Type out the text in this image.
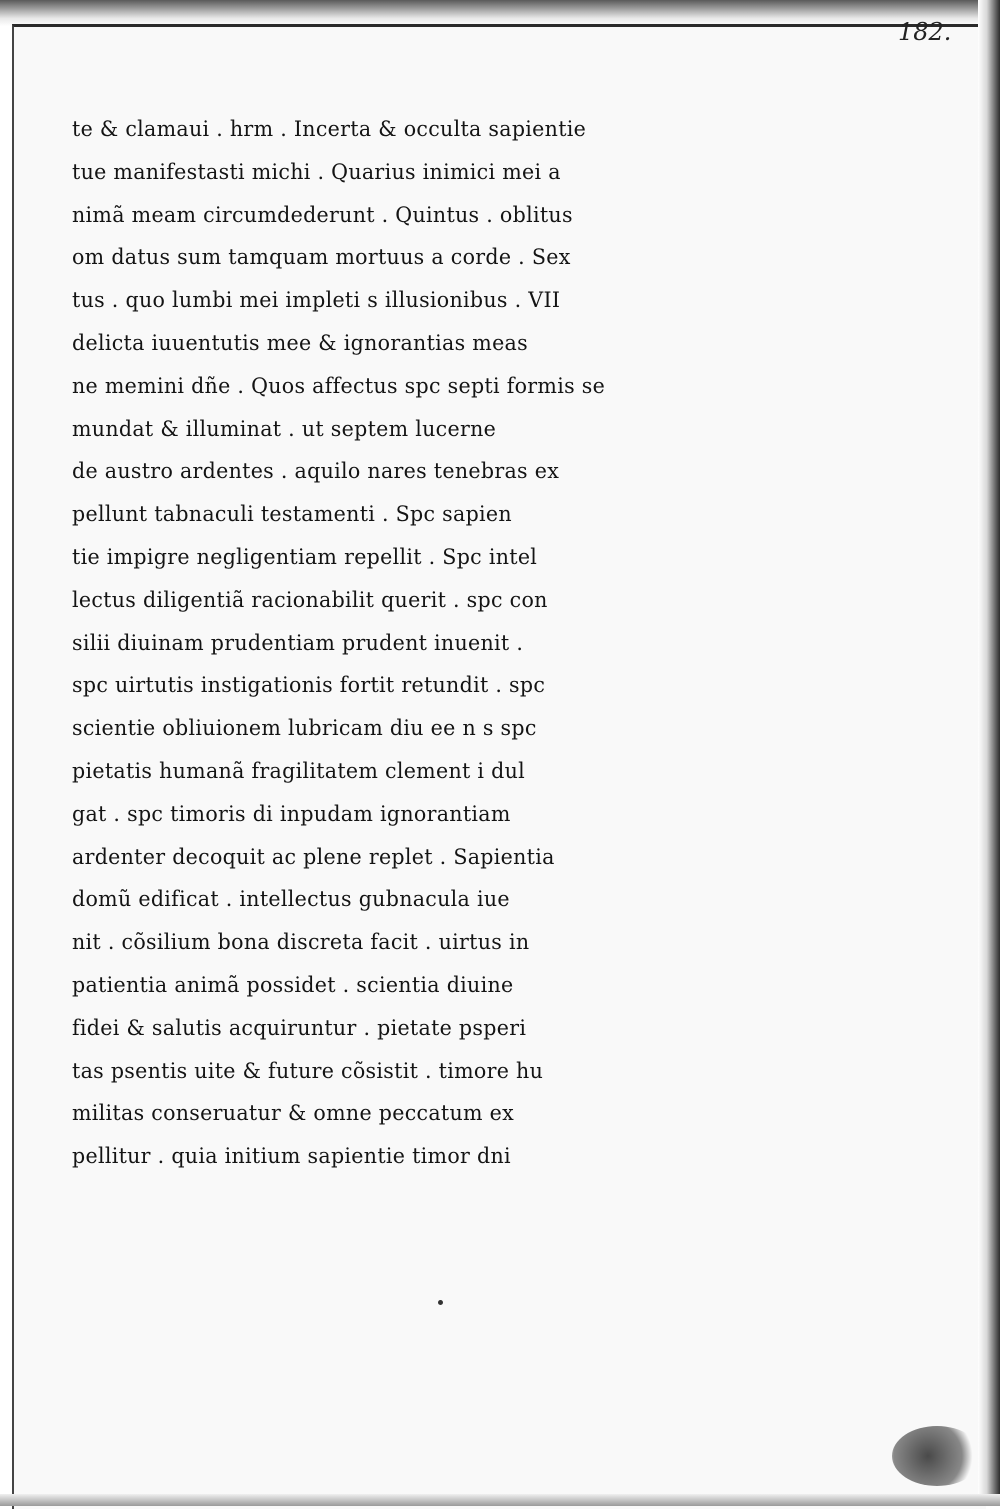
182.
te & clamaui . hrm . Incerta & occulta sapientie
tue manifestasti michi . Quarius inimici mei a
nimã meam circumdederunt . Quintus . oblitus
om datus sum tamquam mortuus a corde . Sex
tus . quo lumbi mei impleti s illusionibus . VII
delicta iuuentutis mee & ignorantias meas
ne memini dñe . Quos affectus spc septi formis se
mundat & illuminat . ut septem lucerne
de austro ardentes . aquilo nares tenebras ex
pellunt tabnaculi testamenti . Spc sapien
tie impigre negligentiam repellit . Spc intel
lectus diligentiã racionabilit querit . spc con
silii diuinam prudentiam prudent inuenit .
spc uirtutis instigationis fortit retundit . spc
scientie obliuionem lubricam diu ee n s spc
pietatis humanã fragilitatem clement i dul
gat . spc timoris di inpudam ignorantiam
ardenter decoquit ac plene replet . Sapientia
domũ edificat . intellectus gubnacula iue
nit . cõsilium bona discreta facit . uirtus in
patientia animã possidet . scientia diuine
fidei & salutis acquiruntur . pietate psperi
tas psentis uite & future cõsistit . timore hu
militas conseruatur & omne peccatum ex
pellitur . quia initium sapientie timor dni
